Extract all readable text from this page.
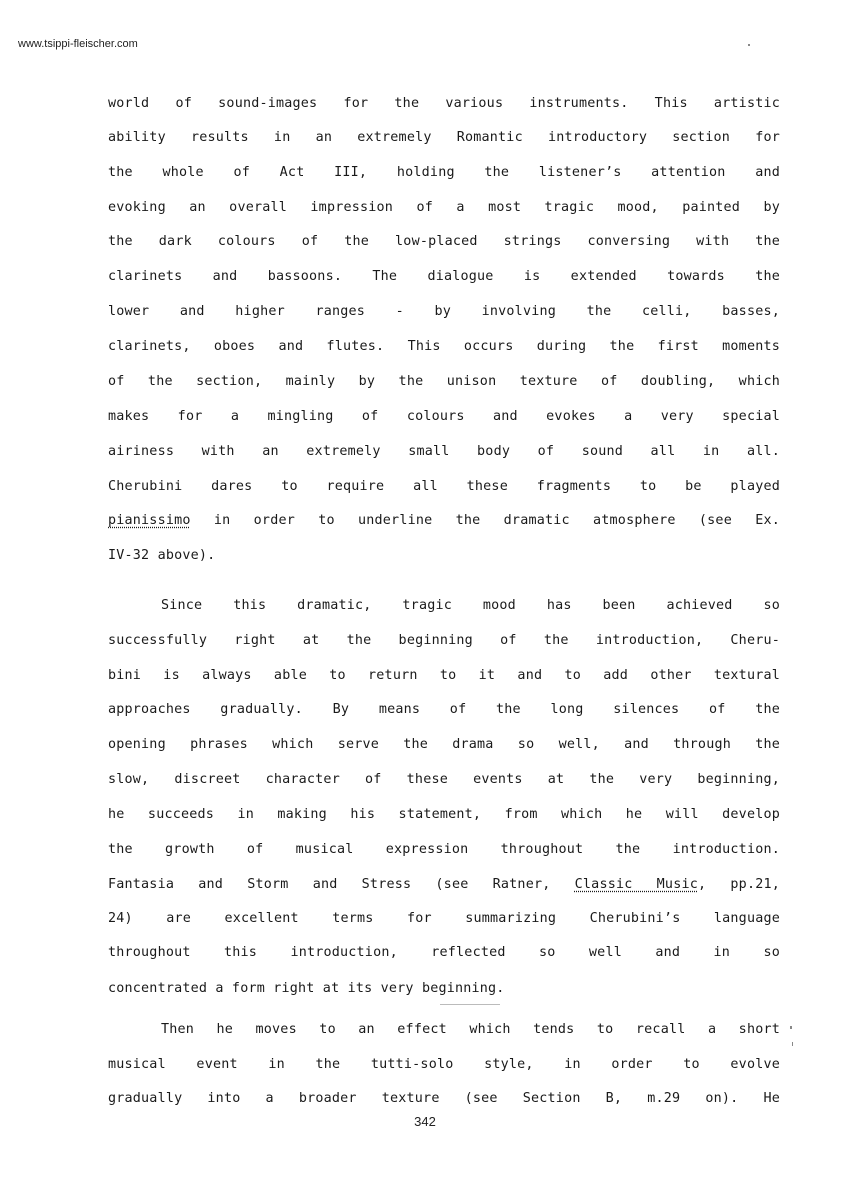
www.tsippi-fleischer.com
world of sound-images for the various instruments. This artistic
ability results in an extremely Romantic introductory section for
the whole of Act III, holding the listener’s attention and
evoking an overall impression of a most tragic mood, painted by
the dark colours of the low-placed strings conversing with the
clarinets and bassoons. The dialogue is extended towards the
lower and higher ranges - by involving the celli, basses,
clarinets, oboes and flutes. This occurs during the first moments
of the section, mainly by the unison texture of doubling, which
makes for a mingling of colours and evokes a very special
airiness with an extremely small body of sound all in all.
Cherubini dares to require all these fragments to be played
pianissimo in order to underline the dramatic atmosphere (see Ex.
IV-32 above).
Since this dramatic, tragic mood has been achieved so
successfully right at the beginning of the introduction, Cheru-
bini is always able to return to it and to add other textural
approaches gradually. By means of the long silences of the
opening phrases which serve the drama so well, and through the
slow, discreet character of these events at the very beginning,
he succeeds in making his statement, from which he will develop
the growth of musical expression throughout the introduction.
Fantasia and Storm and Stress (see Ratner, Classic Music, pp.21,
24) are excellent terms for summarizing Cherubini’s language
throughout this introduction, reflected so well and in so
concentrated a form right at its very beginning.
Then he moves to an effect which tends to recall a short
musical event in the tutti-solo style, in order to evolve
gradually into a broader texture (see Section B, m.29 on). He
342
